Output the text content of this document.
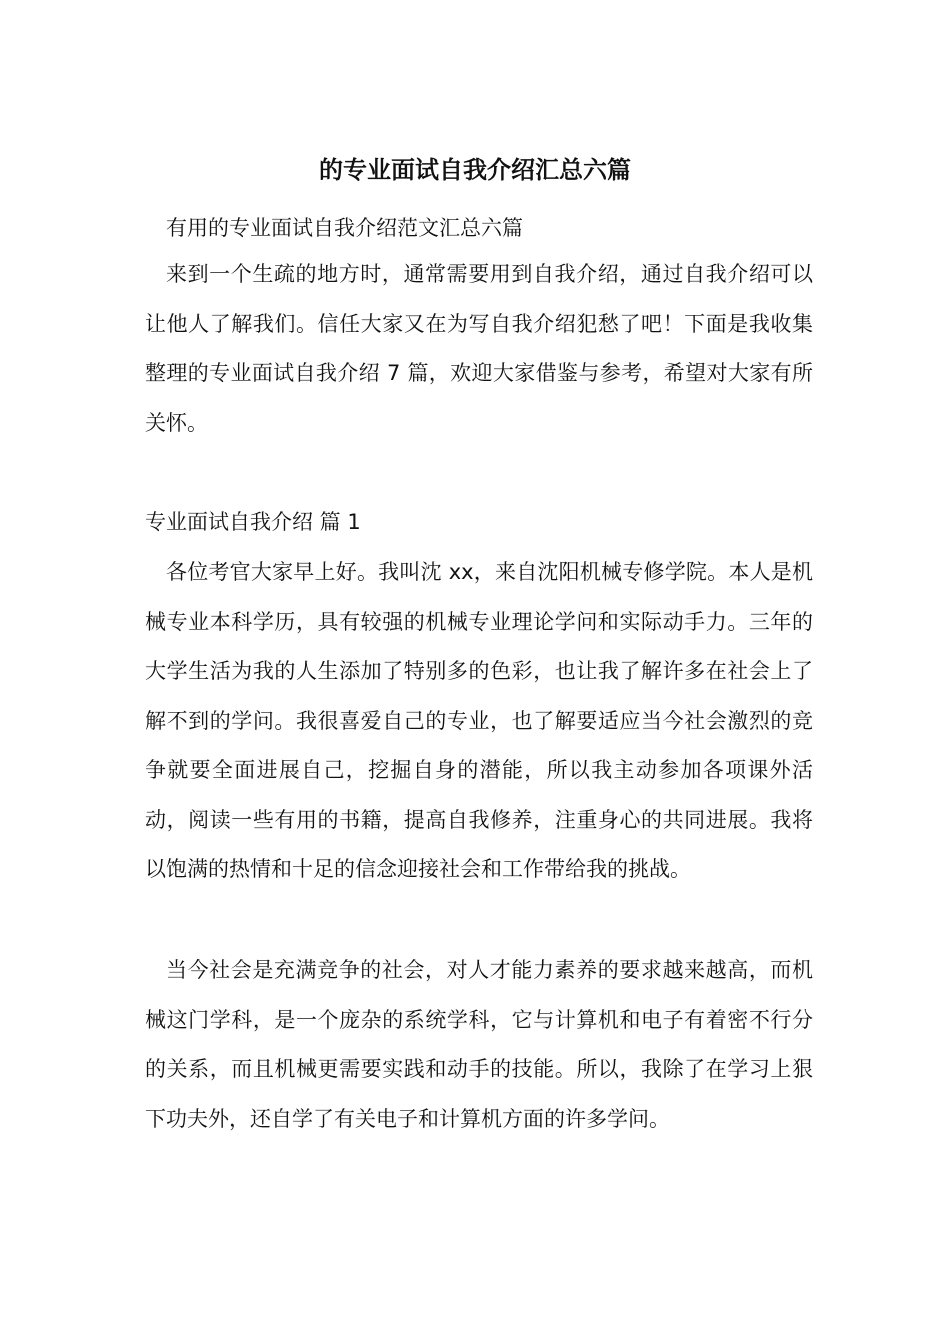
的专业面试自我介绍汇总六篇

有用的专业面试自我介绍范文汇总六篇

来到一个生疏的地方时，通常需要用到自我介绍，通过自我介绍可以让他人了解我们。信任大家又在为写自我介绍犯愁了吧！下面是我收集整理的专业面试自我介绍 7 篇，欢迎大家借鉴与参考，希望对大家有所关怀。

专业面试自我介绍 篇 1

各位考官大家早上好。我叫沈 xx，来自沈阳机械专修学院。本人是机械专业本科学历，具有较强的机械专业理论学问和实际动手力。三年的大学生活为我的人生添加了特别多的色彩，也让我了解许多在社会上了解不到的学问。我很喜爱自己的专业，也了解要适应当今社会激烈的竞争就要全面进展自己，挖掘自身的潜能，所以我主动参加各项课外活动，阅读一些有用的书籍，提高自我修养，注重身心的共同进展。我将以饱满的热情和十足的信念迎接社会和工作带给我的挑战。

当今社会是充满竞争的社会，对人才能力素养的要求越来越高，而机械这门学科，是一个庞杂的系统学科，它与计算机和电子有着密不行分的关系，而且机械更需要实践和动手的技能。所以，我除了在学习上狠下功夫外，还自学了有关电子和计算机方面的许多学问。
